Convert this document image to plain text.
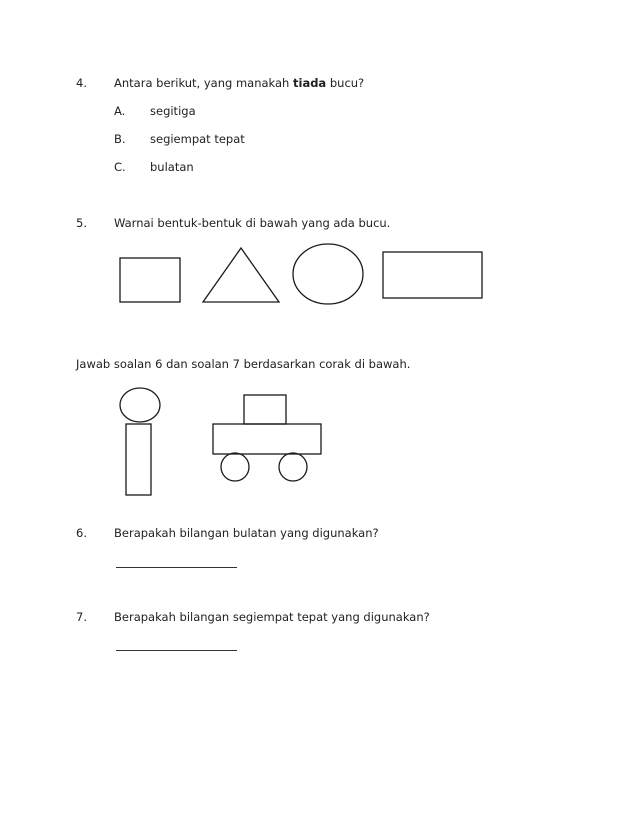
4. Antara berikut, yang manakah tiada bucu?
A. segitiga
B. segiempat tepat
C. bulatan
5. Warnai bentuk-bentuk di bawah yang ada bucu.
Jawab soalan 6 dan soalan 7 berdasarkan corak di bawah.
6. Berapakah bilangan bulatan yang digunakan?
7. Berapakah bilangan segiempat tepat yang digunakan?
